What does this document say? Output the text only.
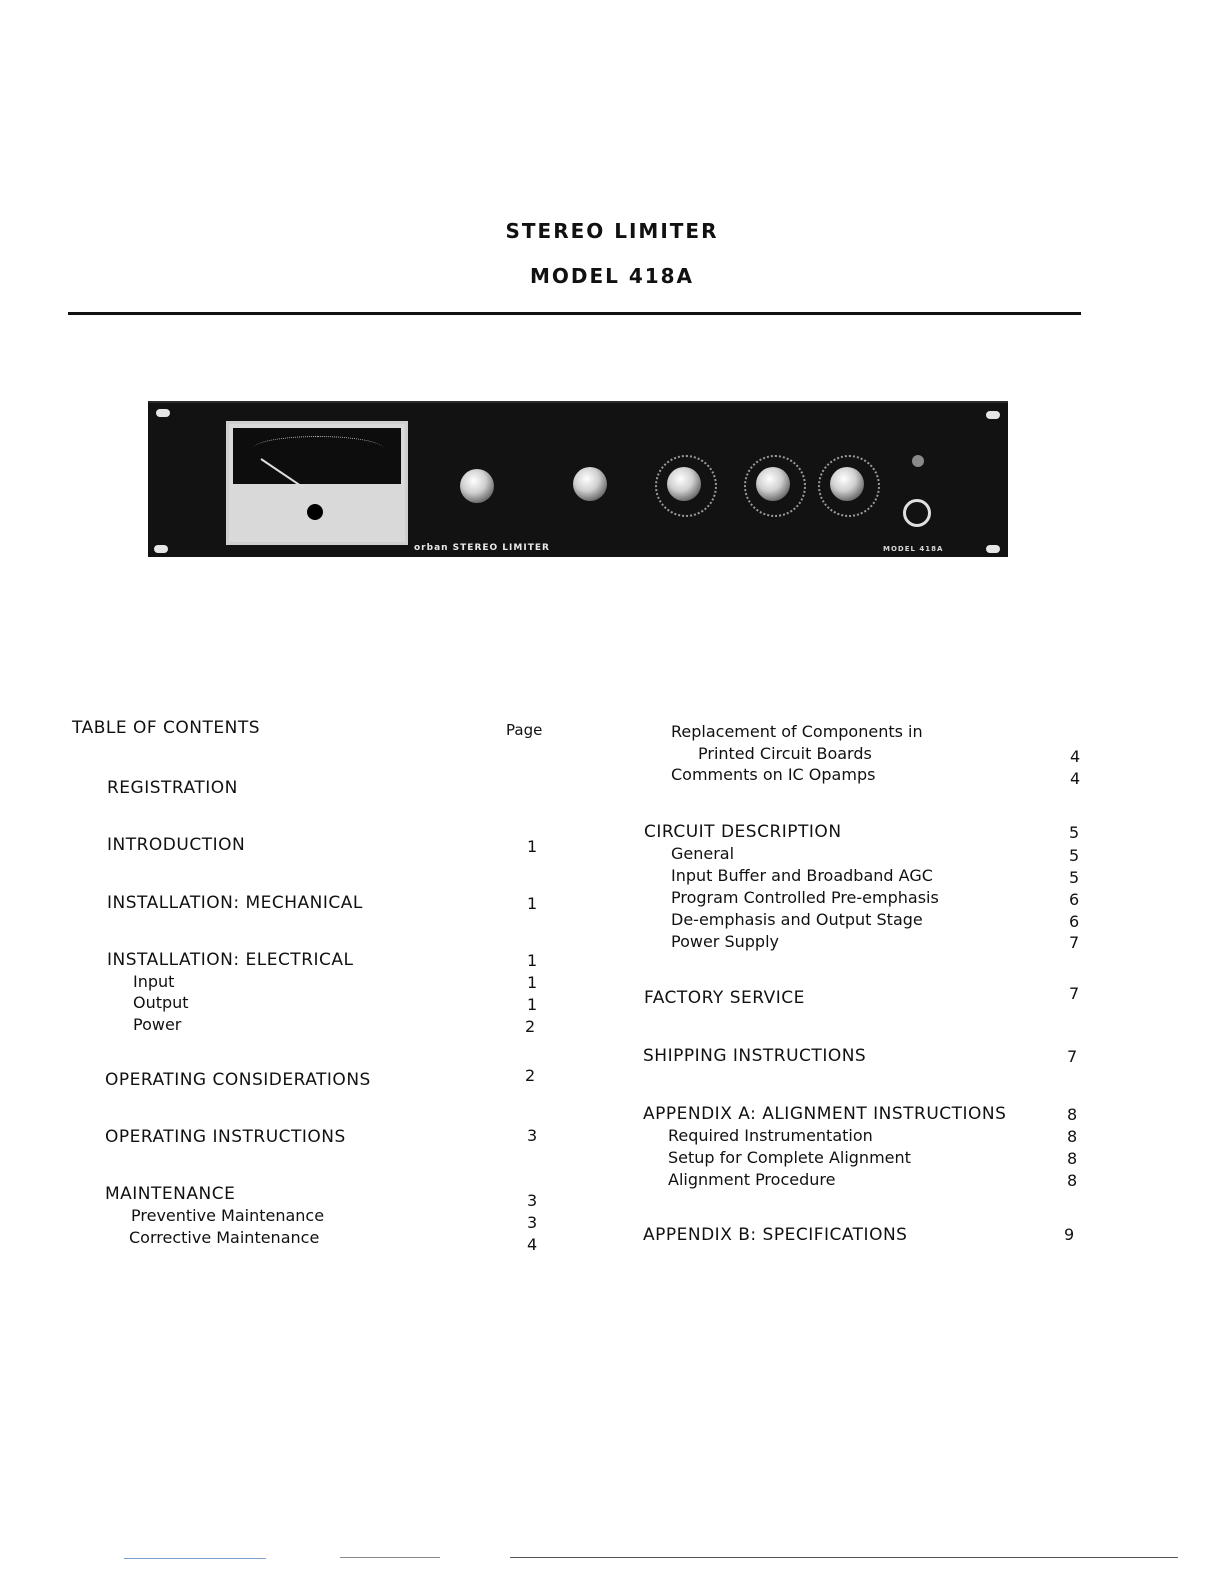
STEREO LIMITER
MODEL 418A
orban STEREO LIMITER	MODEL 418A
TABLE OF CONTENTS	Page
REGISTRATION
INTRODUCTION	1
INSTALLATION: MECHANICAL	1
INSTALLATION: ELECTRICAL	1
Input	1
Output	1
Power	2
OPERATING CONSIDERATIONS	2
OPERATING INSTRUCTIONS	3
MAINTENANCE	3
Preventive Maintenance	3
Corrective Maintenance	4
Replacement of Components in
Printed Circuit Boards	4
Comments on IC Opamps	4
CIRCUIT DESCRIPTION	5
General	5
Input Buffer and Broadband AGC	5
Program Controlled Pre-emphasis	6
De-emphasis and Output Stage	6
Power Supply	7
FACTORY SERVICE	7
SHIPPING INSTRUCTIONS	7
APPENDIX A: ALIGNMENT INSTRUCTIONS	8
Required Instrumentation	8
Setup for Complete Alignment	8
Alignment Procedure	8
APPENDIX B: SPECIFICATIONS	9
